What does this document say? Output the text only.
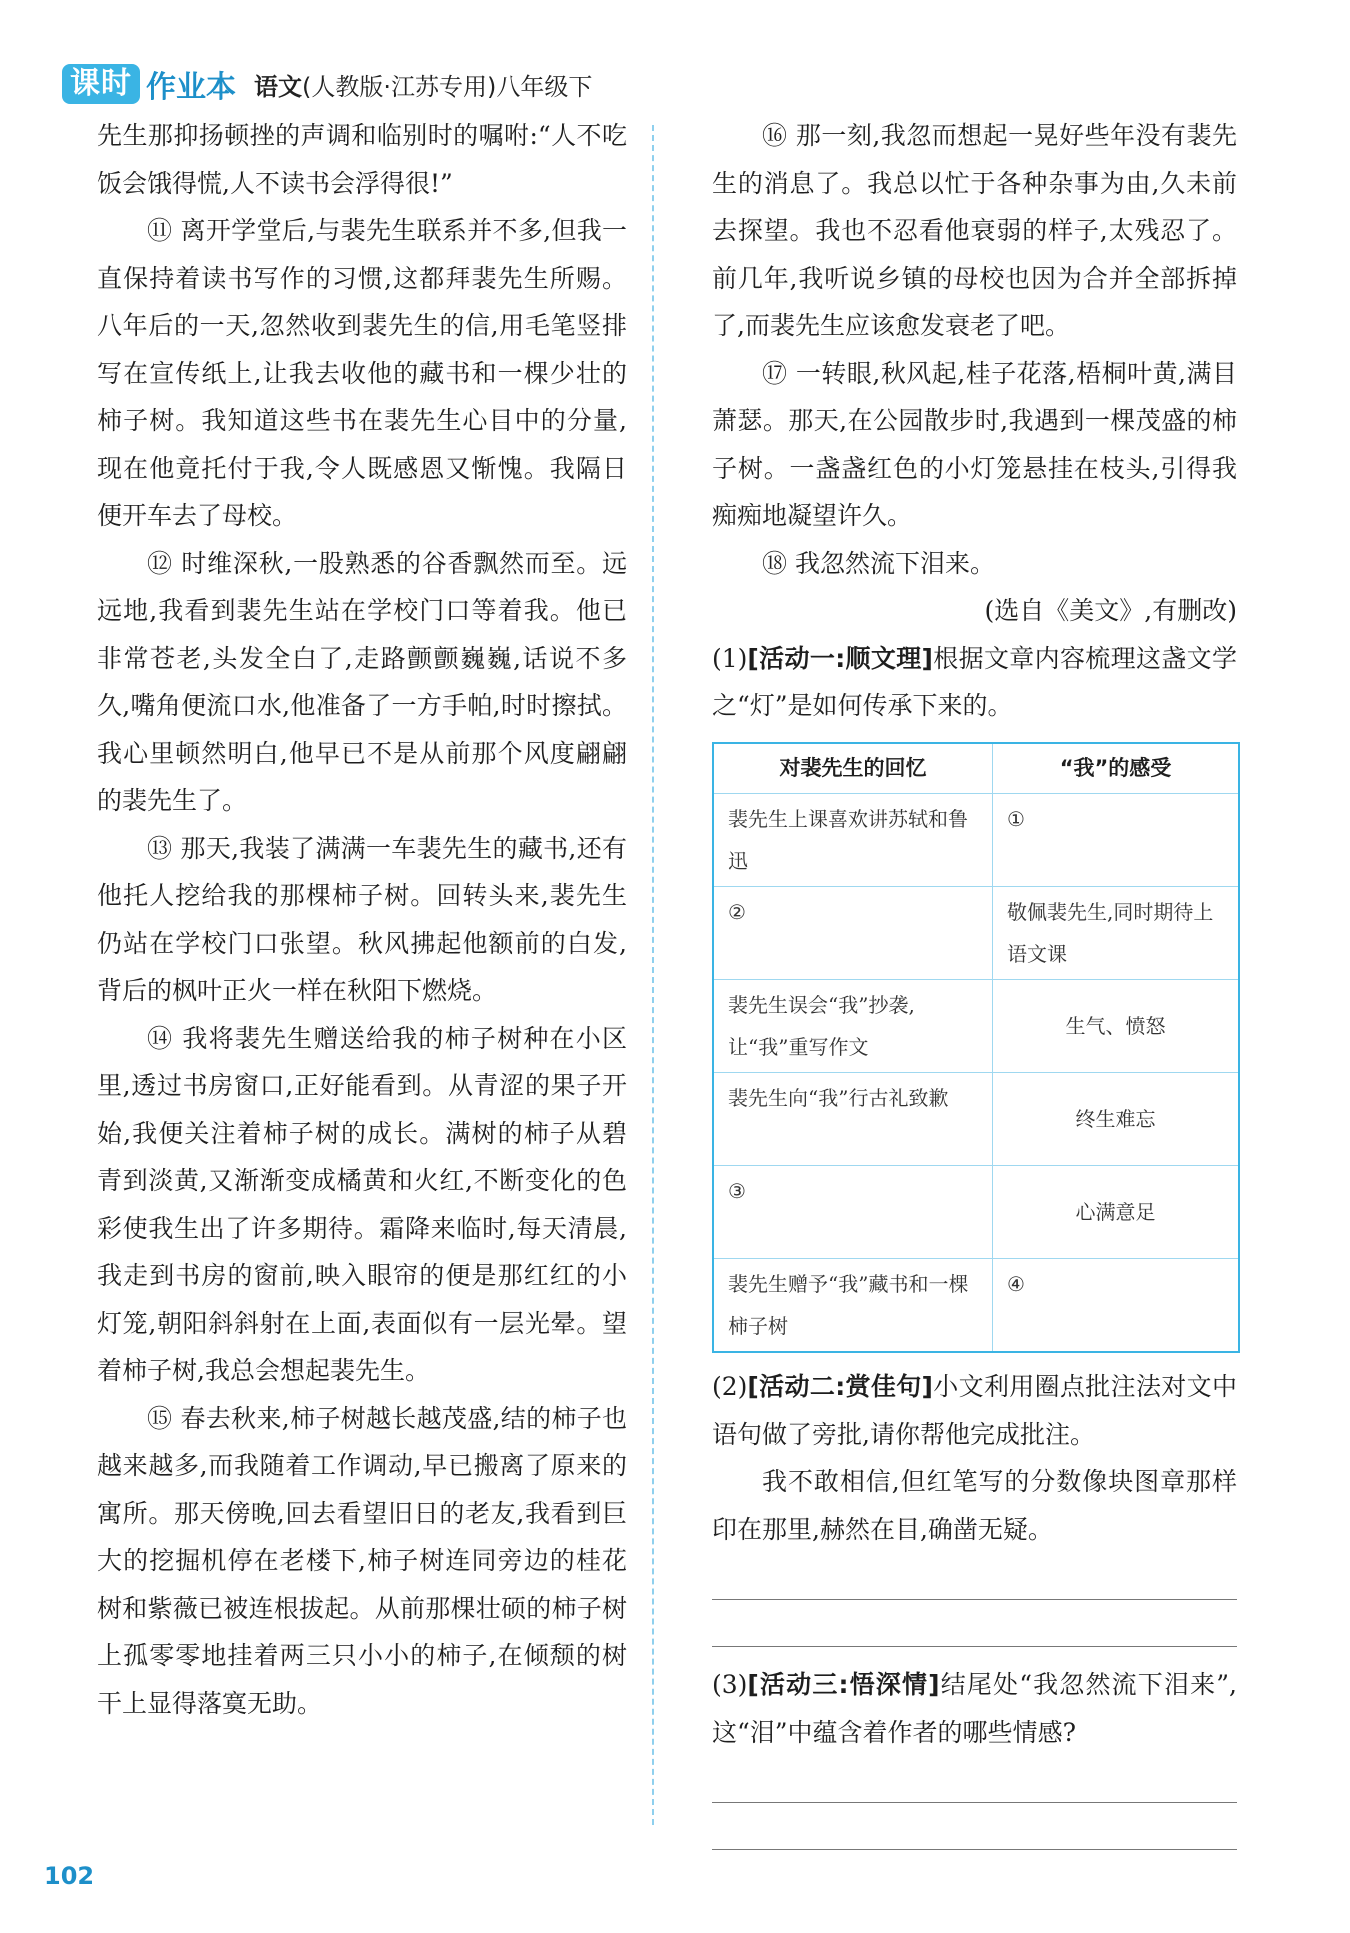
课时 作业本 语文(人教版·江苏专用)八年级下

先生那抑扬顿挫的声调和临别时的嘱咐:“人不吃饭会饿得慌,人不读书会浮得很!”

⑪ 离开学堂后,与裴先生联系并不多,但我一直保持着读书写作的习惯,这都拜裴先生所赐。八年后的一天,忽然收到裴先生的信,用毛笔竖排写在宣传纸上,让我去收他的藏书和一棵少壮的柿子树。我知道这些书在裴先生心目中的分量,现在他竟托付于我,令人既感恩又惭愧。我隔日便开车去了母校。

⑫ 时维深秋,一股熟悉的谷香飘然而至。远远地,我看到裴先生站在学校门口等着我。他已非常苍老,头发全白了,走路颤颤巍巍,话说不多久,嘴角便流口水,他准备了一方手帕,时时擦拭。我心里顿然明白,他早已不是从前那个风度翩翩的裴先生了。

⑬ 那天,我装了满满一车裴先生的藏书,还有他托人挖给我的那棵柿子树。回转头来,裴先生仍站在学校门口张望。秋风拂起他额前的白发,背后的枫叶正火一样在秋阳下燃烧。

⑭ 我将裴先生赠送给我的柿子树种在小区里,透过书房窗口,正好能看到。从青涩的果子开始,我便关注着柿子树的成长。满树的柿子从碧青到淡黄,又渐渐变成橘黄和火红,不断变化的色彩使我生出了许多期待。霜降来临时,每天清晨,我走到书房的窗前,映入眼帘的便是那红红的小灯笼,朝阳斜斜射在上面,表面似有一层光晕。望着柿子树,我总会想起裴先生。

⑮ 春去秋来,柿子树越长越茂盛,结的柿子也越来越多,而我随着工作调动,早已搬离了原来的寓所。那天傍晚,回去看望旧日的老友,我看到巨大的挖掘机停在老楼下,柿子树连同旁边的桂花树和紫薇已被连根拔起。从前那棵壮硕的柿子树上孤零零地挂着两三只小小的柿子,在倾颓的树干上显得落寞无助。

⑯ 那一刻,我忽而想起一晃好些年没有裴先生的消息了。我总以忙于各种杂事为由,久未前去探望。我也不忍看他衰弱的样子,太残忍了。前几年,我听说乡镇的母校也因为合并全部拆掉了,而裴先生应该愈发衰老了吧。

⑰ 一转眼,秋风起,桂子花落,梧桐叶黄,满目萧瑟。那天,在公园散步时,我遇到一棵茂盛的柿子树。一盏盏红色的小灯笼悬挂在枝头,引得我痴痴地凝望许久。

⑱ 我忽然流下泪来。

(选自《美文》,有删改)

(1)[活动一:顺文理]根据文章内容梳理这盏文学之“灯”是如何传承下来的。

对裴先生的回忆	“我”的感受
裴先生上课喜欢讲苏轼和鲁迅	①
②	敬佩裴先生,同时期待上语文课
裴先生误会“我”抄袭,让“我”重写作文	生气、愤怒
裴先生向“我”行古礼致歉	终生难忘
③	心满意足
裴先生赠予“我”藏书和一棵柿子树	④

(2)[活动二:赏佳句]小文利用圈点批注法对文中语句做了旁批,请你帮他完成批注。

我不敢相信,但红笔写的分数像块图章那样印在那里,赫然在目,确凿无疑。

(3)[活动三:悟深情]结尾处“我忽然流下泪来”,这“泪”中蕴含着作者的哪些情感?

102
